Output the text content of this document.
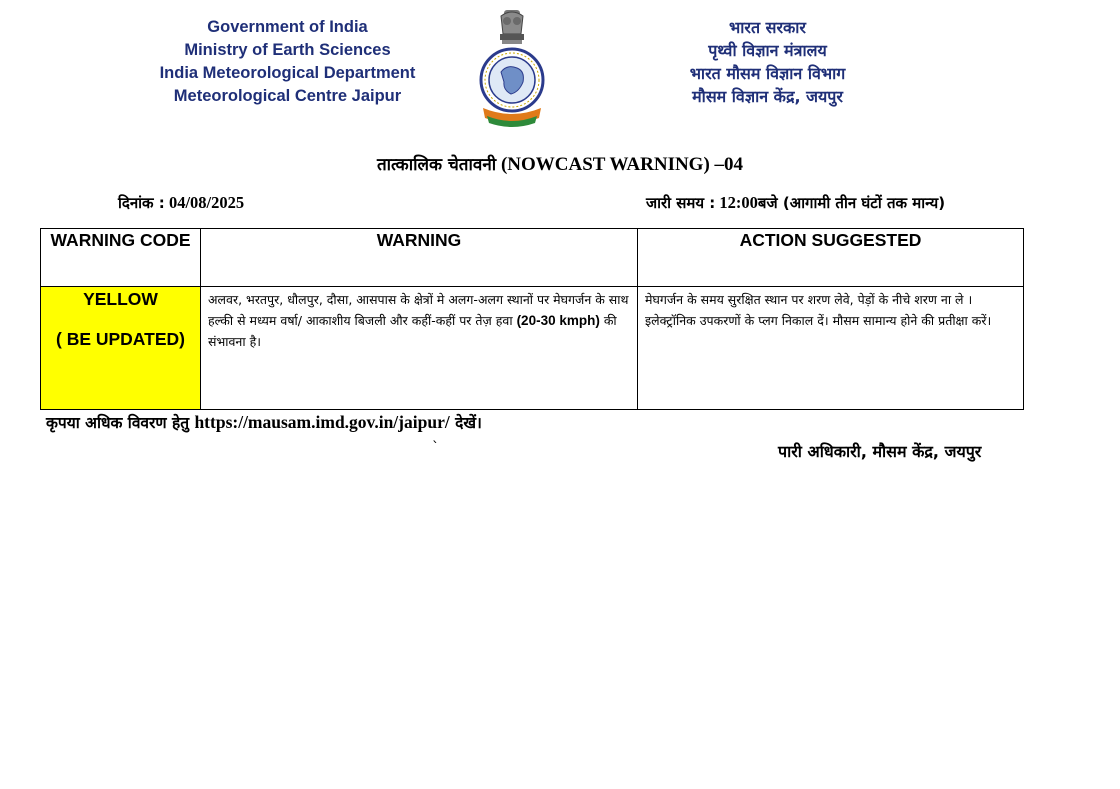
Government of India
Ministry of Earth Sciences
India Meteorological Department
Meteorological Centre Jaipur
भारत सरकार
पृथ्वी विज्ञान मंत्रालय
भारत मौसम विज्ञान विभाग
मौसम विज्ञान केंद्र, जयपुर
तात्कालिक चेतावनी (NOWCAST WARNING) –04
दिनांक : 04/08/2025	जारी समय : 12:00बजे (आगामी तीन घंटों तक मान्य)
WARNING CODE	WARNING	ACTION SUGGESTED

YELLOW
( BE UPDATED)	अलवर, भरतपुर, धौलपुर, दौसा, आसपास के क्षेत्रों मे अलग-अलग स्थानों पर मेघगर्जन के साथ हल्की से मध्यम वर्षा/ आकाशीय बिजली और कहीं-कहीं पर तेज़ हवा (20-30 kmph) की संभावना है।	मेघगर्जन के समय सुरक्षित स्थान पर शरण लेवे, पेड़ों के नीचे शरण ना ले । इलेक्ट्रॉनिक उपकरणों के प्लग निकाल दें। मौसम सामान्य होने की प्रतीक्षा करें।
कृपया अधिक विवरण हेतु https://mausam.imd.gov.in/jaipur/ देखें।
`	पारी अधिकारी, मौसम केंद्र, जयपुर
